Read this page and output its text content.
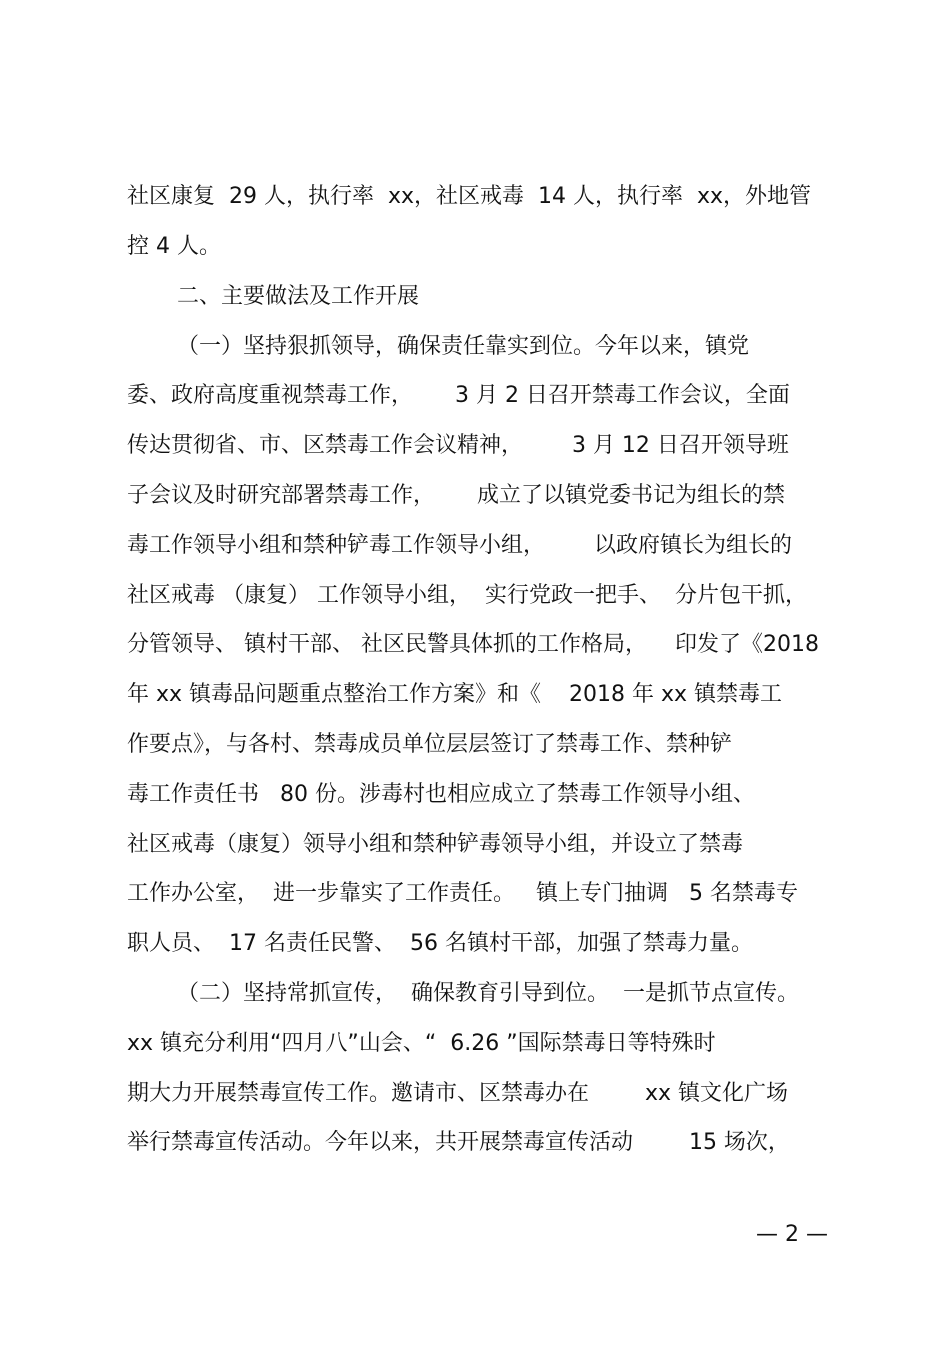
社区康复  29 人，执行率  xx，社区戒毒  14 人，执行率  xx，外地管
控 4 人。
二、主要做法及工作开展
（一）坚持狠抓领导，确保责任靠实到位。今年以来，镇党
委、政府高度重视禁毒工作，      3 月 2 日召开禁毒工作会议，全面
传达贯彻省、市、区禁毒工作会议精神，       3 月 12 日召开领导班
子会议及时研究部署禁毒工作，      成立了以镇党委书记为组长的禁
毒工作领导小组和禁种铲毒工作领导小组，       以政府镇长为组长的
社区戒毒 （康复） 工作领导小组，  实行党政一把手、  分片包干抓，
分管领导、 镇村干部、 社区民警具体抓的工作格局，    印发了《2018
年 xx 镇毒品问题重点整治工作方案》和《    2018 年 xx 镇禁毒工
作要点》，与各村、禁毒成员单位层层签订了禁毒工作、禁种铲
毒工作责任书   80 份。涉毒村也相应成立了禁毒工作领导小组、
社区戒毒（康复）领导小组和禁种铲毒领导小组，并设立了禁毒
工作办公室，  进一步靠实了工作责任。   镇上专门抽调   5 名禁毒专
职人员、  17 名责任民警、  56 名镇村干部，加强了禁毒力量。
（二）坚持常抓宣传，  确保教育引导到位。  一是抓节点宣传。
xx 镇充分利用“四月八”山会、“  6.26 ”国际禁毒日等特殊时
期大力开展禁毒宣传工作。邀请市、区禁毒办在        xx 镇文化广场
举行禁毒宣传活动。今年以来，共开展禁毒宣传活动        15 场次，
— 2 —
